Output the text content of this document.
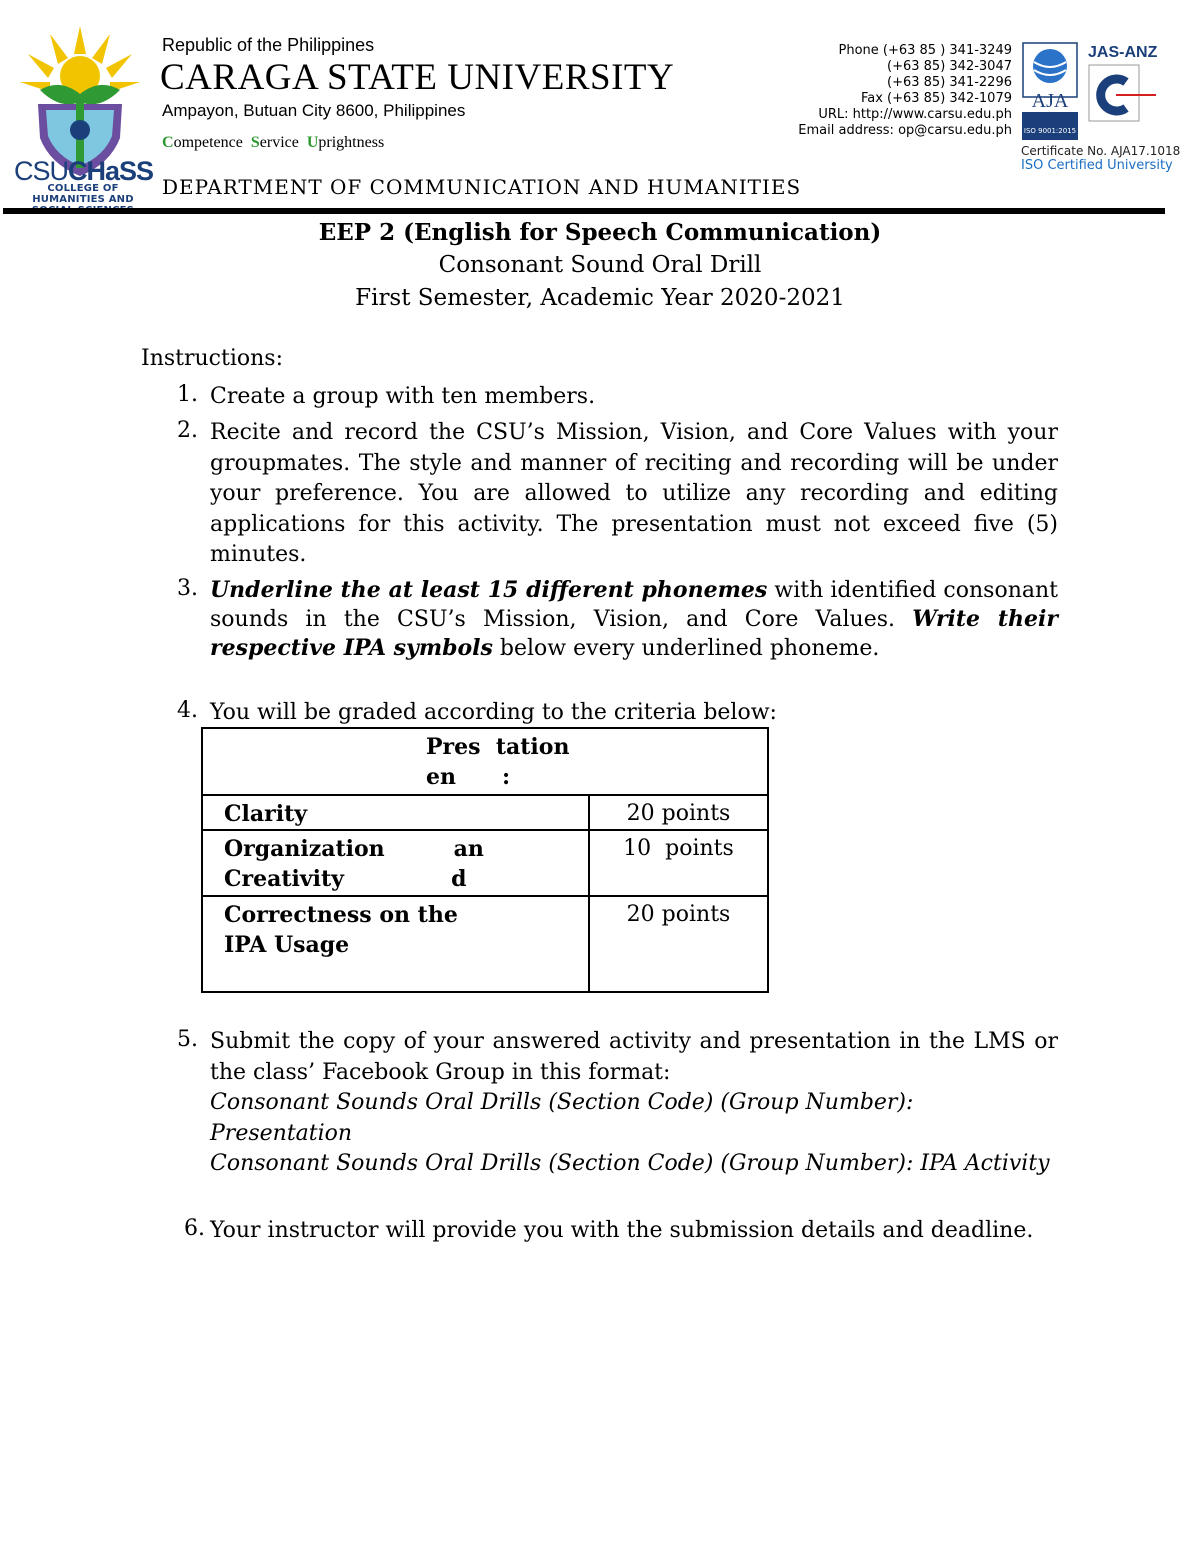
CSUCHaSS
COLLEGE OF HUMANITIES AND
Republic of the Philippines
CARAGA STATE UNIVERSITY
Ampayon, Butuan City 8600, Philippines
Competence Service Uprightness
DEPARTMENT OF COMMUNICATION AND HUMANITIES
Phone (+63 85 ) 341-3249
(+63 85) 342-3047
(+63 85) 341-2296
Fax (+63 85) 342-1079
URL: http://www.carsu.edu.ph
Email address: op@carsu.edu.ph
AJA
ISO 9001:2015
JAS-ANZ
Certificate No. AJA17.1018
ISO Certified University
EEP 2 (English for Speech Communication)
Consonant Sound Oral Drill
First Semester, Academic Year 2020-2021
Instructions:
1. Create a group with ten members.
2. Recite and record the CSU’s Mission, Vision, and Core Values with your groupmates. The style and manner of reciting and recording will be under your preference. You are allowed to utilize any recording and editing applications for this activity. The presentation must not exceed five (5) minutes.
3. Underline the at least 15 different phonemes with identified consonant sounds in the CSU’s Mission, Vision, and Core Values. Write their respective IPA symbols below every underlined phoneme.
4. You will be graded according to the criteria below:
Pres  tation
en      :	

Clarity	20 points
Organization         an Creativity              d	10  points
Correctness on the IPA Usage	20 points
5. Submit the copy of your answered activity and presentation in the LMS or the class’ Facebook Group in this format:
Consonant Sounds Oral Drills (Section Code) (Group Number): Presentation
Consonant Sounds Oral Drills (Section Code) (Group Number): IPA Activity
6. Your instructor will provide you with the submission details and deadline.
